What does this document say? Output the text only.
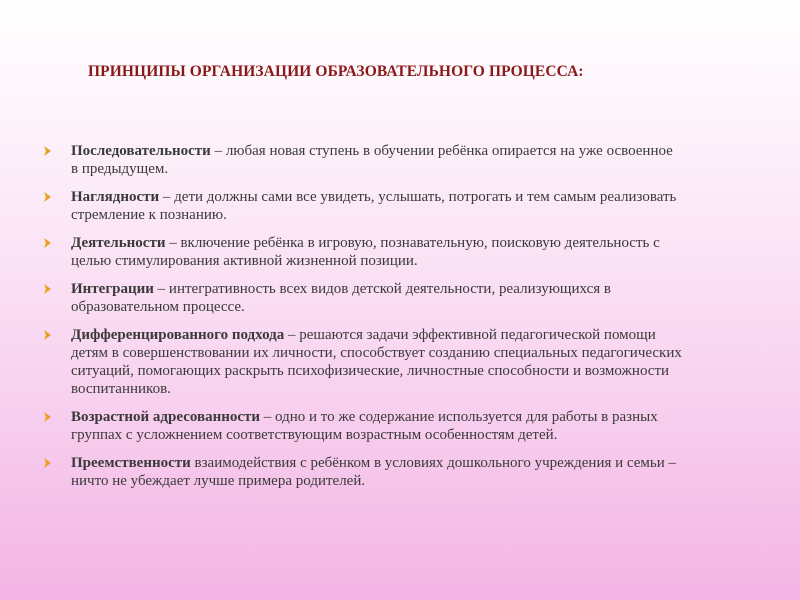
ПРИНЦИПЫ ОРГАНИЗАЦИИ ОБРАЗОВАТЕЛЬНОГО ПРОЦЕССА:
Последовательности – любая новая ступень в обучении ребёнка опирается на уже освоенное в предыдущем.
Наглядности – дети должны сами все увидеть, услышать, потрогать и тем самым реализовать стремление к познанию.
Деятельности – включение ребёнка в игровую, познавательную, поисковую деятельность с целью стимулирования активной жизненной позиции.
Интеграции – интегративность всех видов детской деятельности, реализующихся в образовательном процессе.
Дифференцированного подхода – решаются задачи эффективной педагогической помощи детям в совершенствовании их личности, способствует созданию специальных педагогических ситуаций, помогающих раскрыть психофизические, личностные способности и возможности воспитанников.
Возрастной адресованности – одно и то же содержание используется для работы в разных группах с усложнением соответствующим возрастным особенностям детей.
Преемственности взаимодействия с ребёнком в условиях дошкольного учреждения и семьи – ничто не убеждает лучше примера родителей.
